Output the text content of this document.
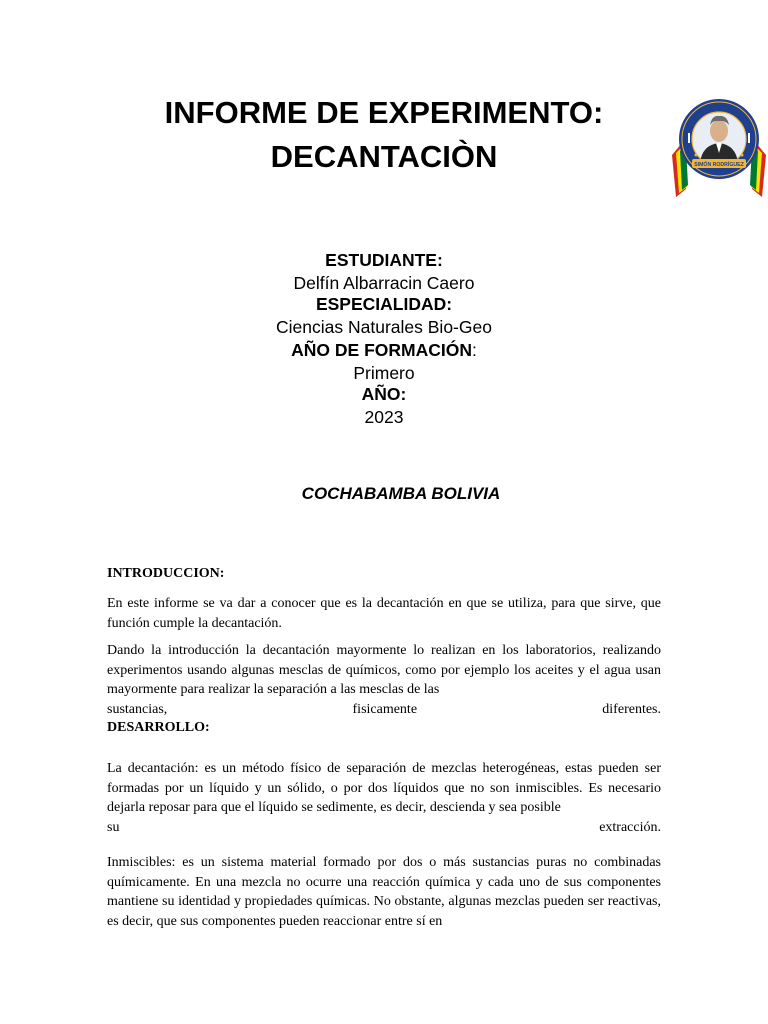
INFORME DE EXPERIMENTO:
DECANTACIÒN	SIMÓN RODRÍGUEZ
ESTUDIANTE:
Delfín Albarracin Caero
ESPECIALIDAD:
Ciencias Naturales Bio-Geo
AÑO DE FORMACIÓN:
Primero
AÑO:
2023
COCHABAMBA BOLIVIA
INTRODUCCION:
En este informe se va dar a conocer que es la decantación en que se utiliza, para que sirve, que función cumple la decantación.
Dando la introducción la decantación mayormente lo realizan en los laboratorios, realizando experimentos usando algunas mesclas de químicos, como por ejemplo los aceites y el agua usan mayormente para realizar la separación a las mesclas de las
sustancias,	fisicamente	diferentes.
DESARROLLO:
La decantación: es un método físico de separación de mezclas heterogéneas, estas pueden ser formadas por un líquido y un sólido, o por dos líquidos que no son inmiscibles. Es necesario dejarla reposar para que el líquido se sedimente, es decir, descienda y sea posible
su	extracción.
Inmiscibles: es un sistema material formado por dos o más sustancias puras no combinadas químicamente. En una mezcla no ocurre una reacción química y cada uno de sus componentes mantiene su identidad y propiedades químicas. No obstante, algunas mezclas pueden ser reactivas, es decir, que sus componentes pueden reaccionar entre sí en
